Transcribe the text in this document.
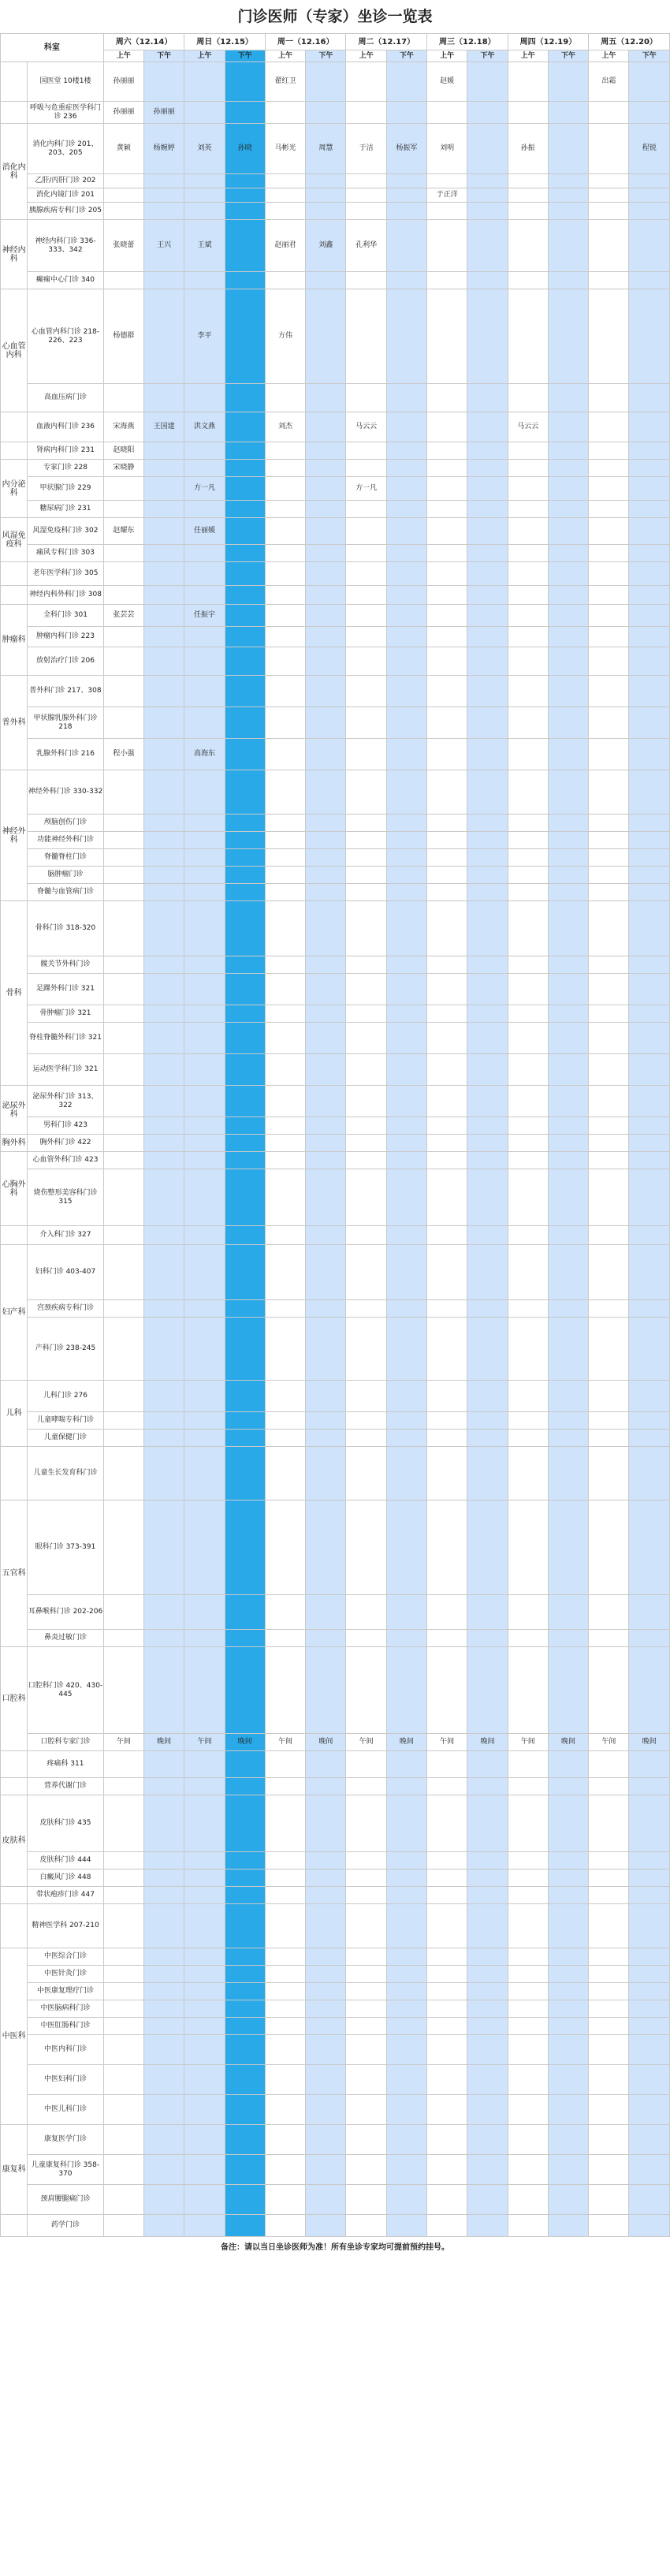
门诊医师（专家）坐诊一览表
科室		周六（12.14）		周日（12.15）		周一（12.16）		周二（12.17）		周三（12.18）		周四（12.19）		周五（12.20）	
		上午	下午	上午	下午	上午	下午	上午	下午	上午	下午	上午	下午	上午	下午
	国医堂 10楼1楼	孙丽丽				翟红卫				赵媛				出霜	
	呼吸与危重症医学科门诊 236	孙丽丽	孙丽丽												
消化内科	消化内科门诊 201、203、205	黄颖	杨婉婷	刘英	孙晓	马彬光	周慧	于洁	杨振军	刘明		孙振			程锐
	乙肝/丙肝门诊 202														
	消化内镜门诊 201									于正洋					
	胰腺疾病专科门诊 205														
神经内科	神经内科门诊 336-333、342	张晓蕾	王兴	王斌		赵丽君	刘鑫	孔利华							
	癫痫中心门诊 340														
心血管内科	心血管内科门诊 218-226、223	杨德群		李平		方伟									
	高血压病门诊														
	血液内科门诊 236	宋海燕	王国建	洪文燕		刘杰		马云云				马云云			
	肾病内科门诊 231	赵晓阳													
内分泌科	专家门诊 228	宋晓静													
	甲状腺门诊 229			方一凡				方一凡							
	糖尿病门诊 231														
风湿免疫科	风湿免疫科门诊 302	赵耀东		任丽媛											
	痛风专科门诊 303														
	老年医学科门诊 305														
	神经内科外科门诊 308														
肿瘤科	全科门诊 301	张芸芸		任振宇											
	肿瘤内科门诊 223														
	放射治疗门诊 206														
普外科	普外科门诊 217、308														
	甲状腺乳腺外科门诊 218														
	乳腺外科门诊 216	程小强		高海东											
神经外科	神经外科门诊 330-332														
	颅脑创伤门诊														
	功能神经外科门诊														
	脊髓脊柱门诊														
	脑肿瘤门诊														
	脊髓与血管病门诊														
骨科	骨科门诊 318-320														
	髋关节外科门诊														
	足踝外科门诊 321														
	骨肿瘤门诊 321														
	脊柱脊髓外科门诊 321														
	运动医学科门诊 321														
泌尿外科	泌尿外科门诊 313、322														
	男科门诊 423														
胸外科	胸外科门诊 422														
心胸外科	心血管外科门诊 423														
	烧伤整形美容科门诊 315														
	介入科门诊 327														
妇产科	妇科门诊 403-407														
	宫颈疾病专科门诊														
	产科门诊 238-245														
儿科	儿科门诊 276														
	儿童哮喘专科门诊														
	儿童保健门诊														
	儿童生长发育科门诊														
五官科	眼科门诊 373-391														
	耳鼻喉科门诊 202-206														
	鼻炎过敏门诊														
口腔科	口腔科门诊 420、430-445														
	口腔科专家门诊	午间	晚间	午间	晚间	午间	晚间	午间	晚间	午间	晚间	午间	晚间	午间	晚间
	疼痛科 311														
	营养代谢门诊														
皮肤科	皮肤科门诊 435														
	皮肤科门诊 444														
	白癜风门诊 448														
	带状疱疹门诊 447														
	精神医学科 207-210														
中医科	中医综合门诊														
	中医针灸门诊														
	中医康复理疗门诊														
	中医脑病科门诊														
	中医肛肠科门诊														
	中医内科门诊														
	中医妇科门诊														
	中医儿科门诊														
康复科	康复医学门诊														
	儿童康复科门诊 358-370														
	颈肩腰腿痛门诊														
	药学门诊														
备注：请以当日坐诊医师为准！所有坐诊专家均可提前预约挂号。
